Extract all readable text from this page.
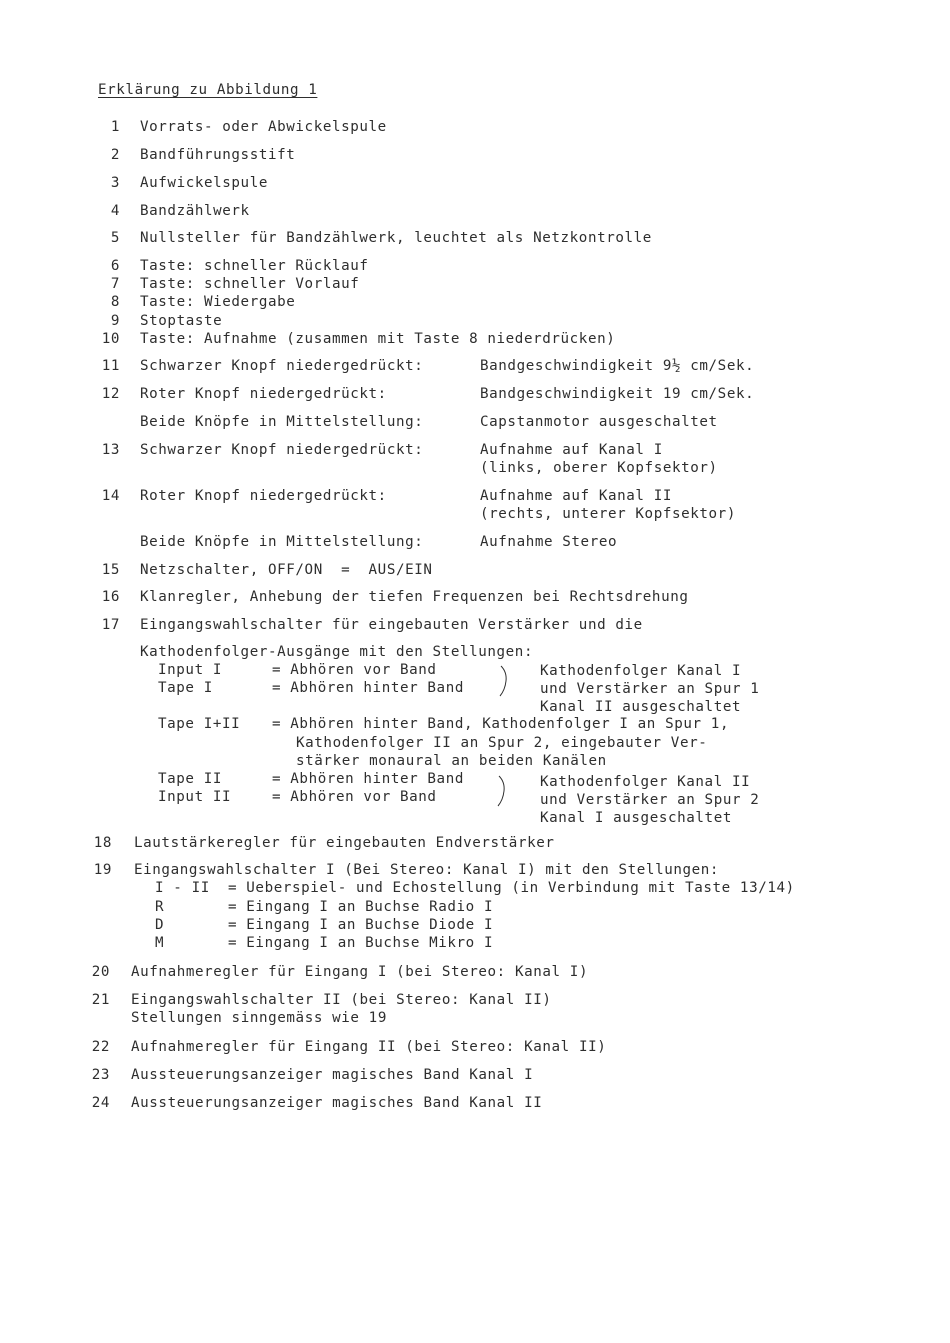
Erklärung zu Abbildung 1
1 Vorrats- oder Abwickelspule
2 Bandführungsstift
3 Aufwickelspule
4 Bandzählwerk
5 Nullsteller für Bandzählwerk, leuchtet als Netzkontrolle
6 Taste: schneller Rücklauf
7 Taste: schneller Vorlauf
8 Taste: Wiedergabe
9 Stoptaste
10 Taste: Aufnahme (zusammen mit Taste 8 niederdrücken)
11 Schwarzer Knopf niedergedrückt:	Bandgeschwindigkeit 9½ cm/Sek.
12 Roter Knopf niedergedrückt:	Bandgeschwindigkeit 19 cm/Sek.
Beide Knöpfe in Mittelstellung:	Capstanmotor ausgeschaltet
13 Schwarzer Knopf niedergedrückt:	Aufnahme auf Kanal I
(links, oberer Kopfsektor)
14 Roter Knopf niedergedrückt:	Aufnahme auf Kanal II
(rechts, unterer Kopfsektor)
Beide Knöpfe in Mittelstellung:	Aufnahme Stereo
15 Netzschalter, OFF/ON  =  AUS/EIN
16 Klanregler, Anhebung der tiefen Frequenzen bei Rechtsdrehung
17 Eingangswahlschalter für eingebauten Verstärker und die
Kathodenfolger-Ausgänge mit den Stellungen:
Input I	= Abhören vor Band
Tape I	= Abhören hinter Band
Kathodenfolger Kanal I
und Verstärker an Spur 1
Kanal II ausgeschaltet
Tape I+II = Abhören hinter Band, Kathodenfolger I an Spur 1,
Kathodenfolger II an Spur 2, eingebauter Ver-
stärker monaural an beiden Kanälen
Tape II	= Abhören hinter Band
Input II	= Abhören vor Band
Kathodenfolger Kanal II
und Verstärker an Spur 2
Kanal I ausgeschaltet
18 Lautstärkeregler für eingebauten Endverstärker
19 Eingangswahlschalter I (Bei Stereo: Kanal I) mit den Stellungen:
I - II = Ueberspiel- und Echostellung (in Verbindung mit Taste 13/14)
R	= Eingang I an Buchse Radio I
D	= Eingang I an Buchse Diode I
M	= Eingang I an Buchse Mikro I
20 Aufnahmeregler für Eingang I (bei Stereo: Kanal I)
21 Eingangswahlschalter II (bei Stereo: Kanal II)
Stellungen sinngemäss wie 19
22 Aufnahmeregler für Eingang II (bei Stereo: Kanal II)
23 Aussteuerungsanzeiger magisches Band Kanal I
24 Aussteuerungsanzeiger magisches Band Kanal II
